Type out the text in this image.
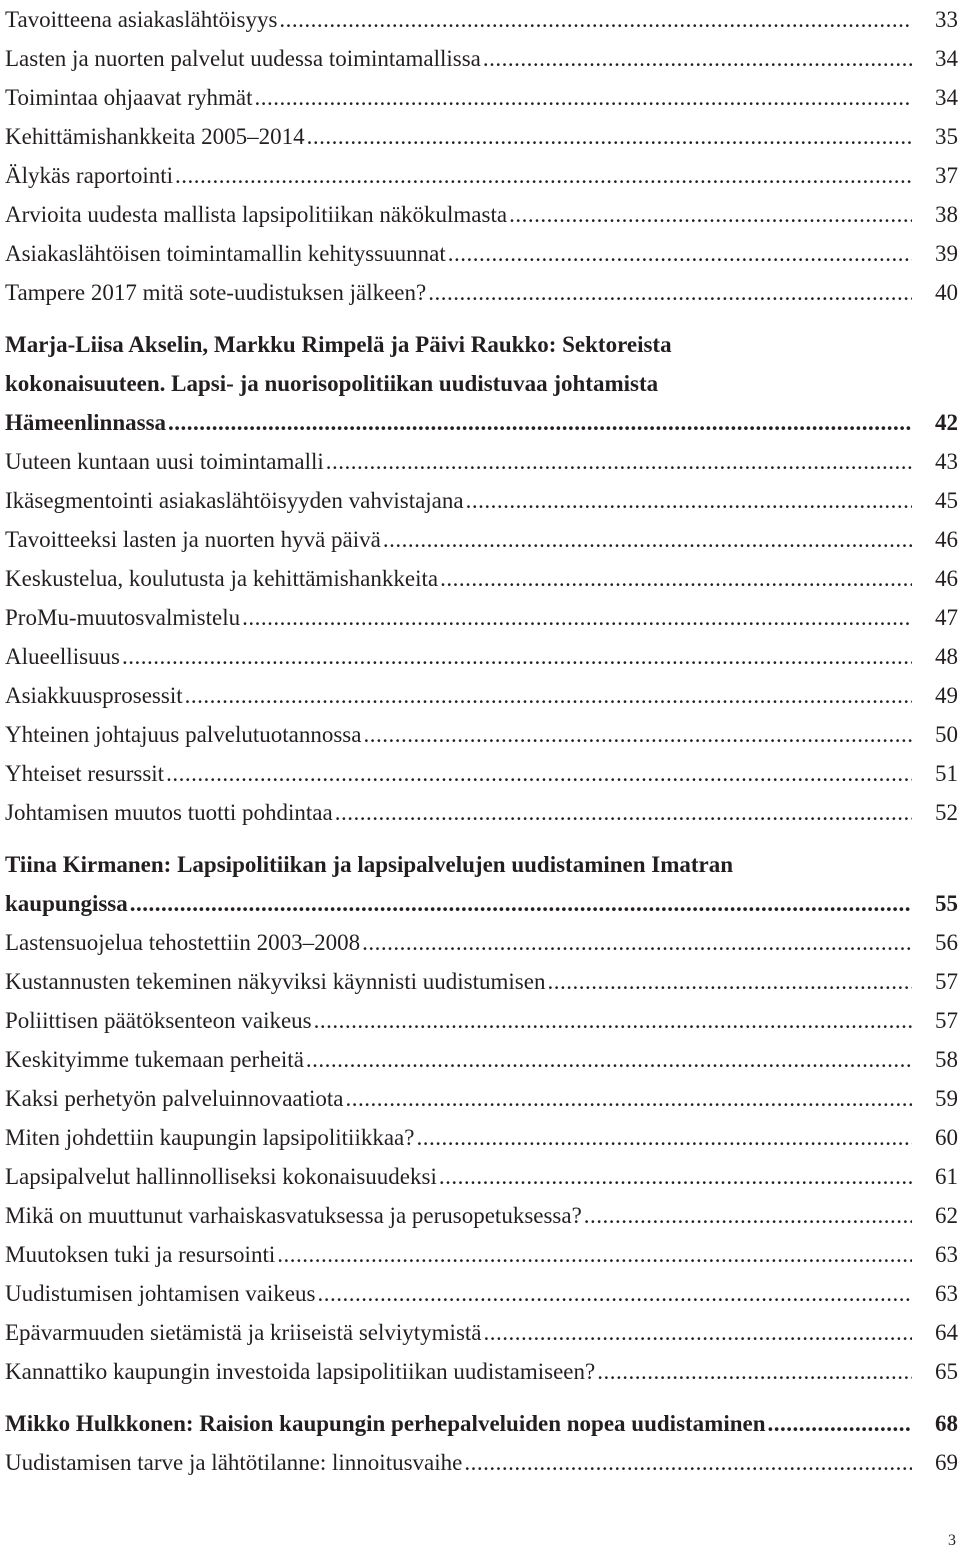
Tavoitteena asiakaslähtöisyys .....	33
Lasten ja nuorten palvelut uudessa toimintamallissa .....	34
Toimintaa ohjaavat ryhmät .....	34
Kehittämishankkeita 2005–2014 .....	35
Älykäs raportointi .....	37
Arvioita uudesta mallista lapsipolitiikan näkökulmasta .....	38
Asiakaslähtöisen toimintamallin kehityssuunnat .....	39
Tampere 2017 mitä sote-uudistuksen jälkeen? .....	40
Marja-Liisa Akselin, Markku Rimpelä ja Päivi Raukko: Sektoreista
kokonaisuuteen. Lapsi- ja nuorisopolitiikan uudistuvaa johtamista
Hämeenlinnassa .....	42
Uuteen kuntaan uusi toimintamalli .....	43
Ikäsegmentointi asiakaslähtöisyyden vahvistajana .....	45
Tavoitteeksi lasten ja nuorten hyvä päivä .....	46
Keskustelua, koulutusta ja kehittämishankkeita .....	46
ProMu-muutosvalmistelu .....	47
Alueellisuus .....	48
Asiakkuusprosessit .....	49
Yhteinen johtajuus palvelutuotannossa .....	50
Yhteiset resurssit .....	51
Johtamisen muutos tuotti pohdintaa .....	52
Tiina Kirmanen: Lapsipolitiikan ja lapsipalvelujen uudistaminen Imatran
kaupungissa .....	55
Lastensuojelua tehostettiin 2003–2008 .....	56
Kustannusten tekeminen näkyviksi käynnisti uudistumisen .....	57
Poliittisen päätöksenteon vaikeus .....	57
Keskityimme tukemaan perheitä .....	58
Kaksi perhetyön palveluinnovaatiota .....	59
Miten johdettiin kaupungin lapsipolitiikkaa? .....	60
Lapsipalvelut hallinnolliseksi kokonaisuudeksi .....	61
Mikä on muuttunut varhaiskasvatuksessa ja perusopetuksessa? .....	62
Muutoksen tuki ja resursointi .....	63
Uudistumisen johtamisen vaikeus .....	63
Epävarmuuden sietämistä ja kriiseistä selviytymistä .....	64
Kannattiko kaupungin investoida lapsipolitiikan uudistamiseen? .....	65
Mikko Hulkkonen: Raision kaupungin perhepalveluiden nopea uudistaminen .....	68
Uudistamisen tarve ja lähtötilanne: linnoitusvaihe .....	69
3
